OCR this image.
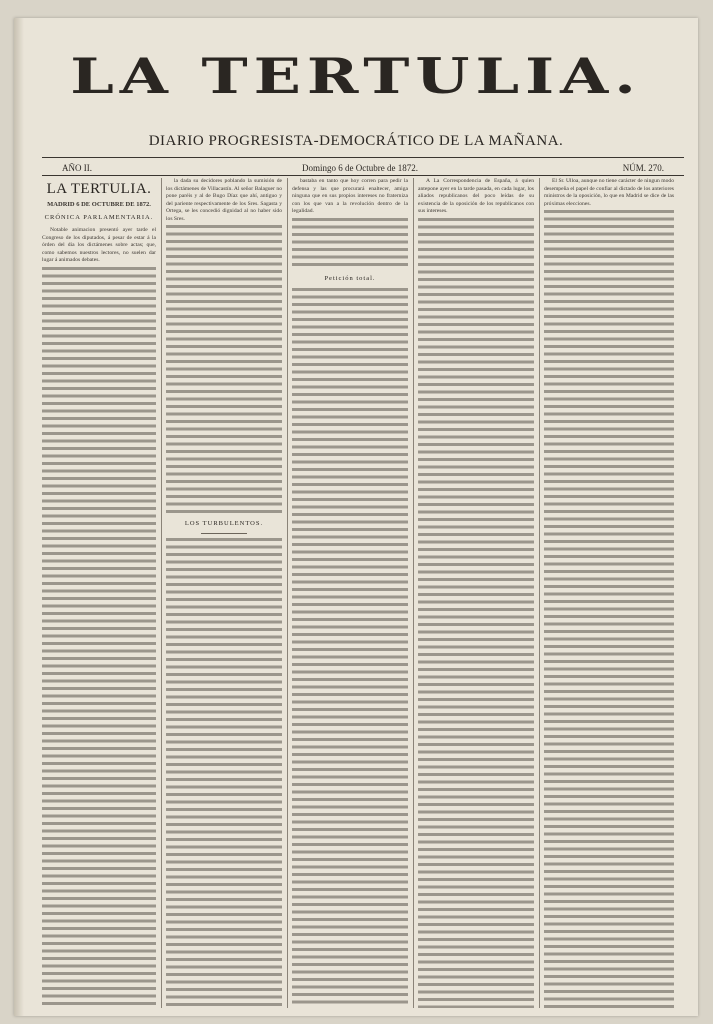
LA TERTULIA.
DIARIO PROGRESISTA-DEMOCRÁTICO DE LA MAÑANA.
AÑO II.	Domingo 6 de Octubre de 1872.	NÚM. 270.
LA TERTULIA.
MADRID 6 DE OCTUBRE DE 1872.
CRÓNICA PARLAMENTARIA.

Notable animacion presentó ayer tarde el Congreso de los diputados, á pesar de estar á la órden del dia los dictámenes sobre actas; que, como sabemos nuestros lectores, no suelen dar lugar á animados debates.

la dada su decidores poblando la sumisión de los dictámenes de Villacastín. Al señor Balaguer no pone paréis y al de Bugo Díaz que ahí, antiguo y del pariente respectivamente de los Sres. Sagasta y Ortega, se les concedió dignidad al no haber sido los Sres.

LOS TURBULENTOS.

bastaba en tanto que hoy corren para pedir la defensa y las que procurará enaltecer, amiga ninguna que en sus propios intereses no fraterniza con los que van a la revolución dentro de la legalidad.

Petición total.

A La Correspondencia de España, á quien antepone ayer en la tarde pasada, en cada lugar, los aliados republicanos del poco leídas de su existencia de la oposición de los republicanos con sus intereses.

El Sr. Ulloa, aunque no tiene carácter de ningun modo desempeña el papel de confiar al dictado de los anteriores ministros de la oposición, lo que en Madrid se dice de las próximas elecciones.
